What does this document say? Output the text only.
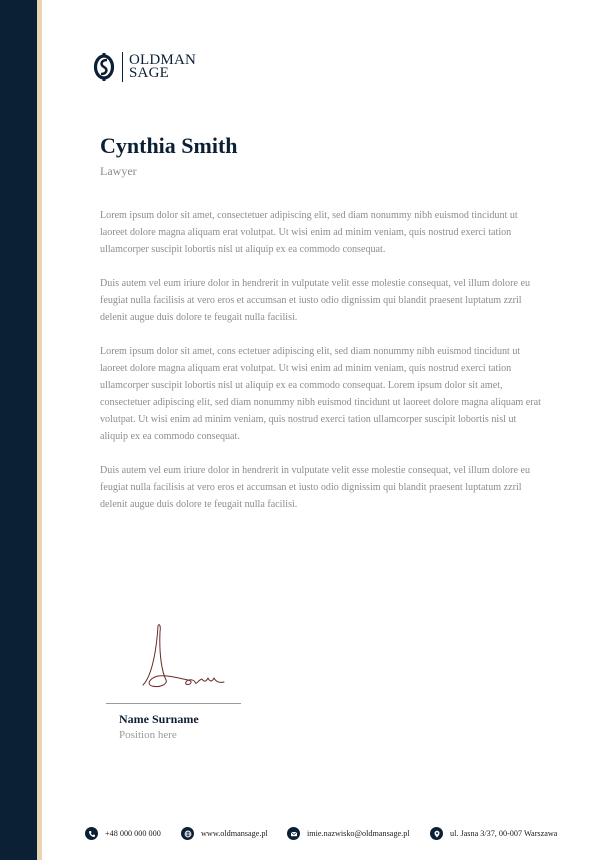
OLDMAN
SAGE
Cynthia Smith
Lawyer

Lorem ipsum dolor sit amet, consectetuer adipiscing elit, sed diam nonummy nibh euismod tincidunt ut laoreet dolore magna aliquam erat volutpat. Ut wisi enim ad minim veniam, quis nostrud exerci tation ullamcorper suscipit lobortis nisl ut aliquip ex ea commodo consequat.

Duis autem vel eum iriure dolor in hendrerit in vulputate velit esse molestie consequat, vel illum dolore eu feugiat nulla facilisis at vero eros et accumsan et iusto odio dignissim qui blandit praesent luptatum zzril delenit augue duis dolore te feugait nulla facilisi.

Lorem ipsum dolor sit amet, cons ectetuer adipiscing elit, sed diam nonummy nibh euismod tincidunt ut laoreet dolore magna aliquam erat volutpat. Ut wisi enim ad minim veniam, quis nostrud exerci tation ullamcorper suscipit lobortis nisl ut aliquip ex ea commodo consequat. Lorem ipsum dolor sit amet, consectetuer adipiscing elit, sed diam nonummy nibh euismod tincidunt ut laoreet dolore magna aliquam erat volutpat. Ut wisi enim ad minim veniam, quis nostrud exerci tation ullamcorper suscipit lobortis nisl ut aliquip ex ea commodo consequat.

Duis autem vel eum iriure dolor in hendrerit in vulputate velit esse molestie consequat, vel illum dolore eu feugiat nulla facilisis at vero eros et accumsan et iusto odio dignissim qui blandit praesent luptatum zzril delenit augue duis dolore te feugait nulla facilisi.

Name Surname
Position here
+48 000 000 000	www.oldmansage.pl	imie.nazwisko@oldmansage.pl	ul. Jasna 3/37, 00-007 Warszawa
